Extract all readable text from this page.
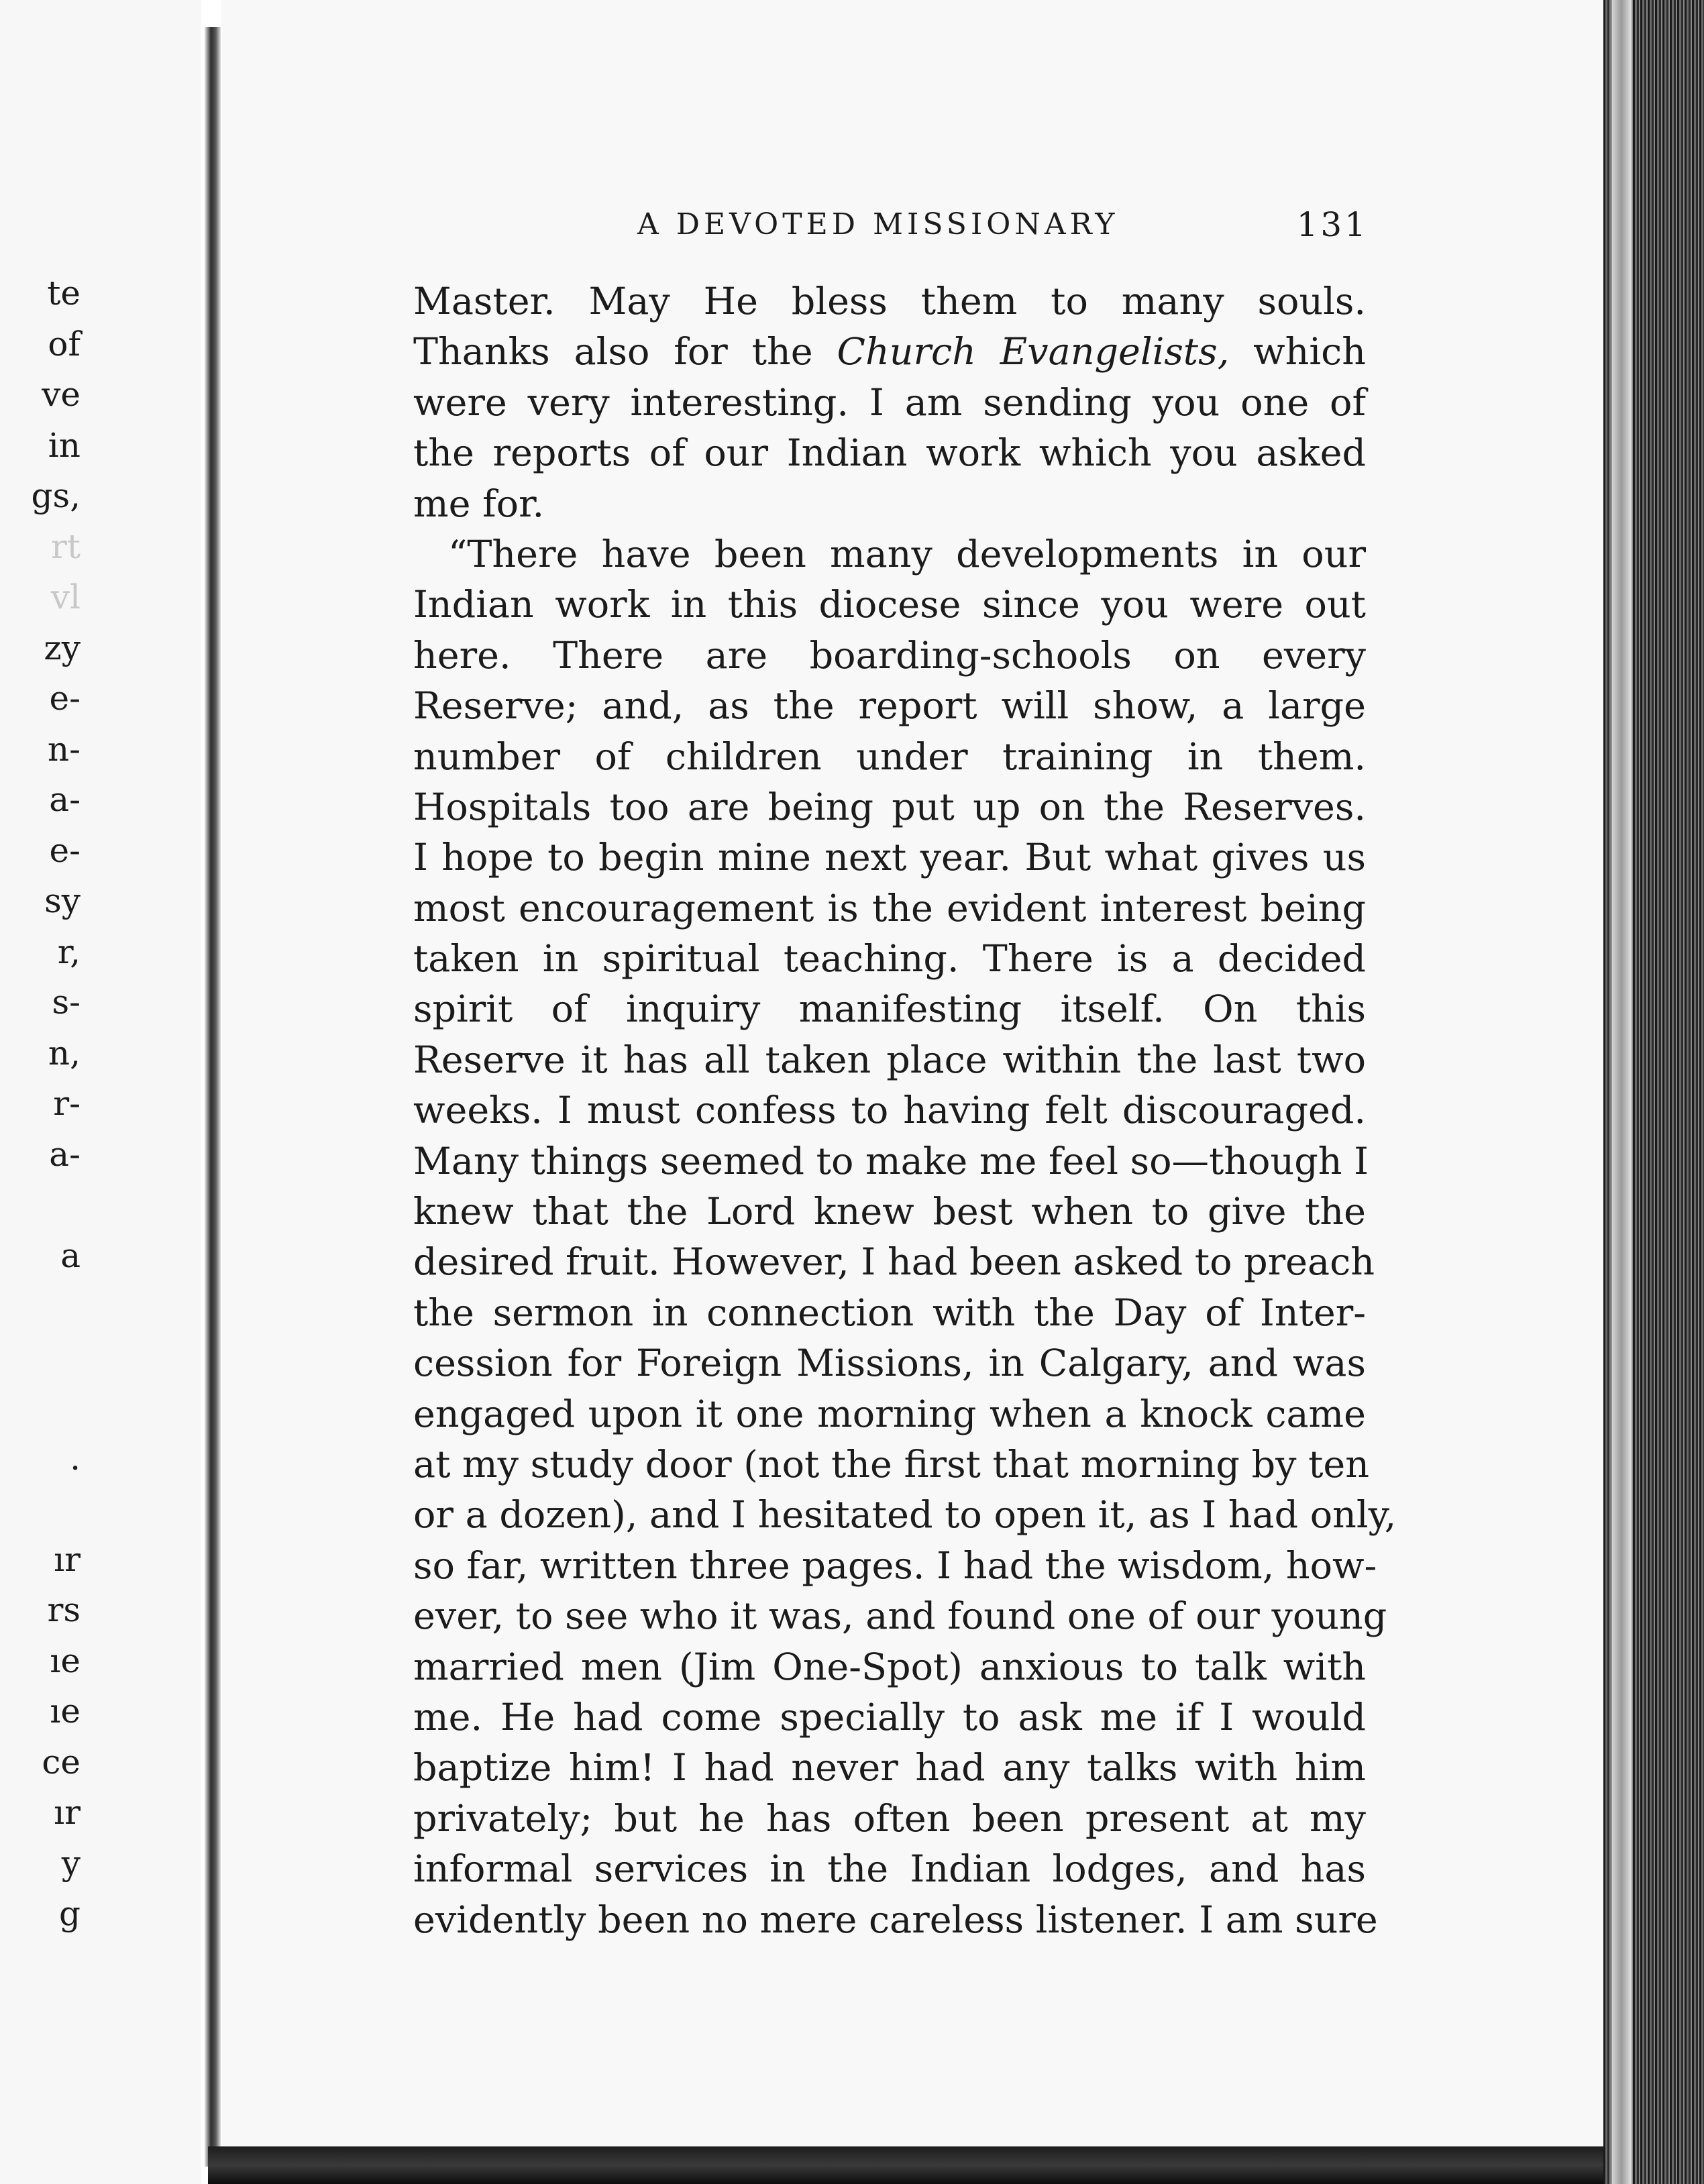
te
of
ve
in
gs,
rt
vl
zy
e-
n-
a-
e-
sy
r,
s-
n,
r-
a-
a
.
ır
rs
ıe
ıe
ce
ır
y
g
A DEVOTED MISSIONARY	131
Master. May He bless them to many souls.
Thanks also for the Church Evangelists, which
were very interesting. I am sending you one of
the reports of our Indian work which you asked
me for.
“There have been many developments in our
Indian work in this diocese since you were out
here. There are boarding-schools on every
Reserve; and, as the report will show, a large
number of children under training in them.
Hospitals too are being put up on the Reserves.
I hope to begin mine next year. But what gives us
most encouragement is the evident interest being
taken in spiritual teaching. There is a decided
spirit of inquiry manifesting itself. On this
Reserve it has all taken place within the last two
weeks. I must confess to having felt discouraged.
Many things seemed to make me feel so—though I
knew that the Lord knew best when to give the
desired fruit. However, I had been asked to preach
the sermon in connection with the Day of Inter-
cession for Foreign Missions, in Calgary, and was
engaged upon it one morning when a knock came
at my study door (not the first that morning by ten
or a dozen), and I hesitated to open it, as I had only,
so far, written three pages. I had the wisdom, how-
ever, to see who it was, and found one of our young
married men (Jim One-Spot) anxious to talk with
me. He had come specially to ask me if I would
baptize him! I had never had any talks with him
privately; but he has often been present at my
informal services in the Indian lodges, and has
evidently been no mere careless listener. I am sure
